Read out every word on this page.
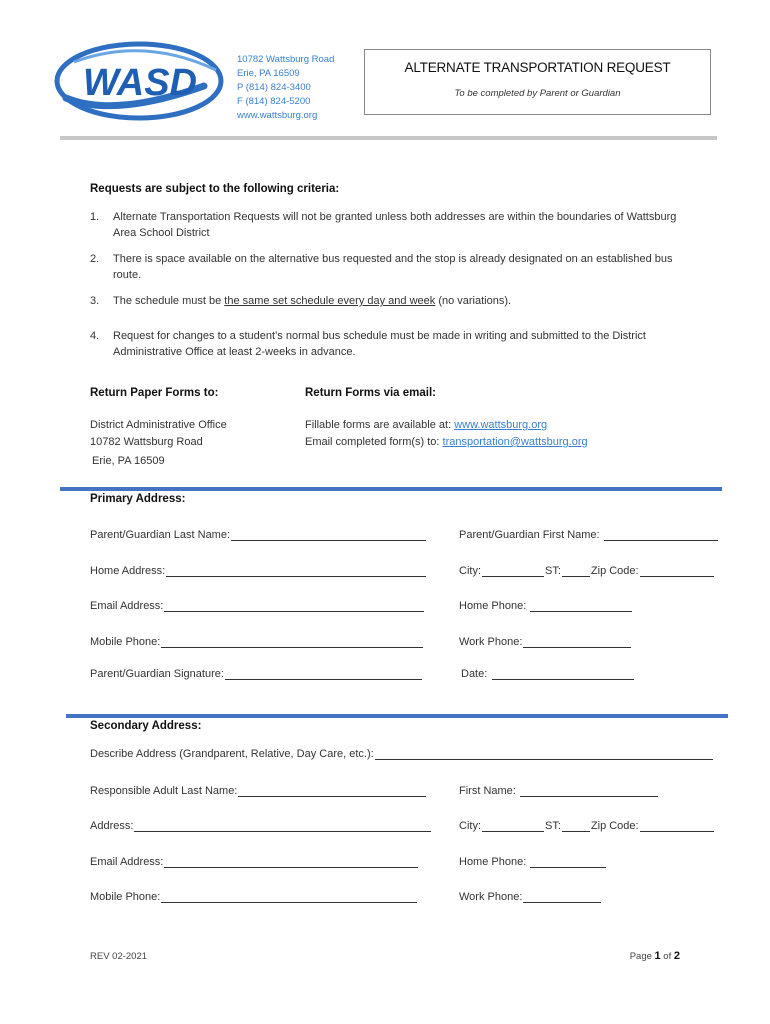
WASD
10782 Wattsburg Road
Erie, PA 16509
P (814) 824-3400
F (814) 824-5200
www.wattsburg.org
ALTERNATE TRANSPORTATION REQUEST
To be completed by Parent or Guardian
Requests are subject to the following criteria:
1. Alternate Transportation Requests will not be granted unless both addresses are within the boundaries of Wattsburg Area School District
2. There is space available on the alternative bus requested and the stop is already designated on an established bus route.
3. The schedule must be the same set schedule every day and week (no variations).
4. Request for changes to a student’s normal bus schedule must be made in writing and submitted to the District Administrative Office at least 2-weeks in advance.
Return Paper Forms to:	Return Forms via email:
District Administrative Office
10782 Wattsburg Road
Erie, PA 16509
Fillable forms are available at: www.wattsburg.org
Email completed form(s) to: transportation@wattsburg.org
Primary Address:
Parent/Guardian Last Name:	Parent/Guardian First Name:
Home Address:	City:	ST:	Zip Code:
Email Address:	Home Phone:
Mobile Phone:	Work Phone:
Parent/Guardian Signature:	Date:
Secondary Address:
Describe Address (Grandparent, Relative, Day Care, etc.):
Responsible Adult Last Name:	First Name:
Address:	City:	ST:	Zip Code:
Email Address:	Home Phone:
Mobile Phone:	Work Phone:
REV 02-2021	Page 1 of 2
